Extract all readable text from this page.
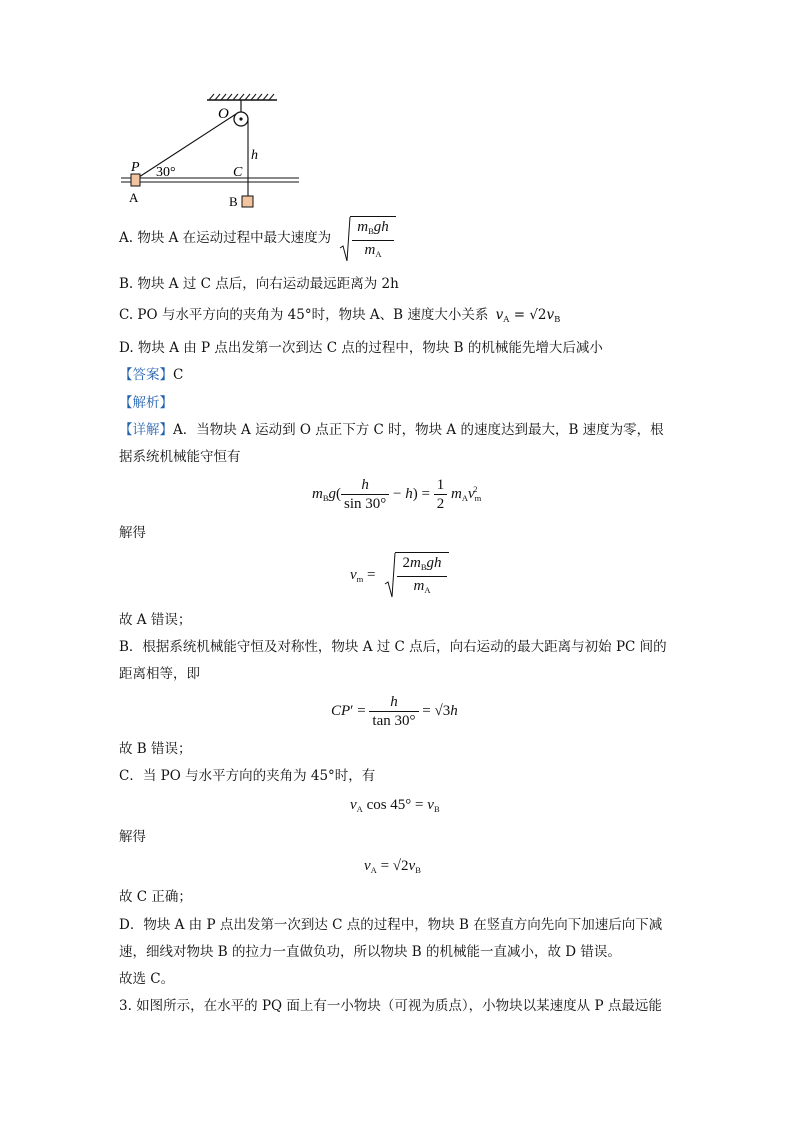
O
h
P 30°	C
A	B
A. 物块 A 在运动过程中最大速度为
$m_Bgh$
$m_A$
B. 物块 A 过 C 点后，向右运动最远距离为 2h
C. PO 与水平方向的夹角为 45°时，物块 A、B 速度大小关系 $v_A = √2v_B$
D. 物块 A 由 P 点出发第一次到达 C 点的过程中，物块 B 的机械能先增大后减小
【答案】C
【解析】
【详解】A．当物块 A 运动到 O 点正下方 C 时，物块 A 的速度达到最大，B 速度为零，根
据系统机械能守恒有
$m_Bg( \frac{h}{\sin 30^\circ} - h) = \frac{1}{2} m_Av_m^2$
解得
$v_m$ =
$2m_Bgh$
$m_A$
故 A 错误；
B．根据系统机械能守恒及对称性，物块 A 过 C 点后，向右运动的最大距离与初始 PC 间的
距离相等，即
$CP' = \frac{h}{\tan 30^\circ} = √3h$
故 B 错误；
C．当 PO 与水平方向的夹角为 45°时，有
$v_A$ $\cos 45^\circ = v_B$
解得
$v_A = √2v_B$
故 C 正确；
D．物块 A 由 P 点出发第一次到达 C 点的过程中，物块 B 在竖直方向先向下加速后向下减
速，细线对物块 B 的拉力一直做负功，所以物块 B 的机械能一直减小，故 D 错误。
故选 C。
3. 如图所示，在水平的 PQ 面上有一小物块（可视为质点），小物块以某速度从 P 点最远能
